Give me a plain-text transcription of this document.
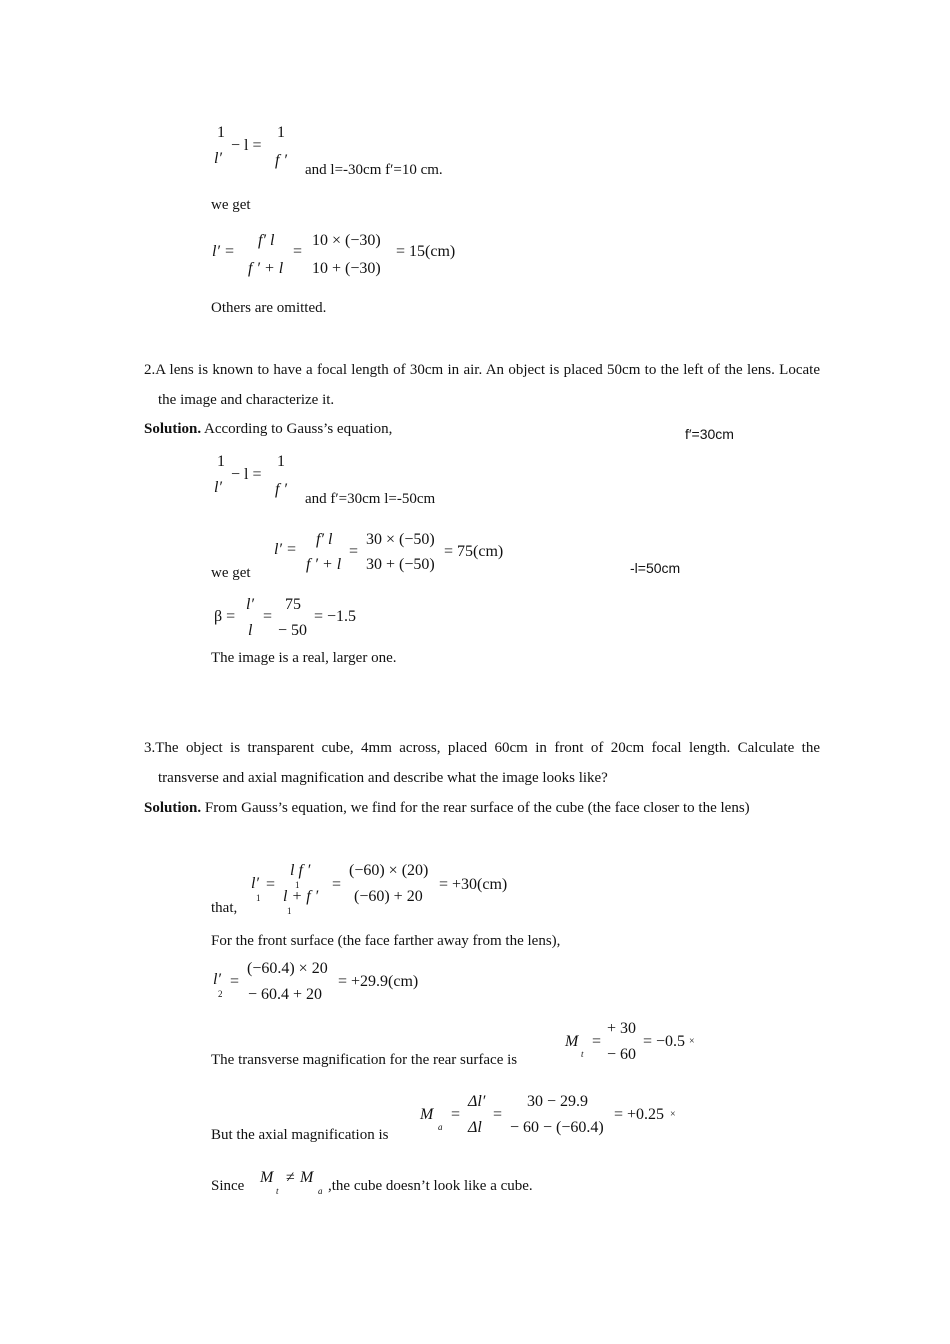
1
− l =
1
l′	f ′
and l=-30cm f′=10 cm.
we get
l′ =
f′ l
f ′ + l
=
10 × (−30)
10 + (−30)
= 15(cm)
Others are omitted.
2.A lens is known to have a focal length of 30cm in air. An object is placed 50cm to the left of the lens. Locate the image and characterize it.
Solution. According to Gauss’s equation,	f′=30cm
1
− l =
1
l′	f ′
and f′=30cm l=-50cm
l′ =
f′ l
f ′ + l
=
30 × (−50)
30 + (−50)
= 75(cm)
we get	-l=50cm
β =
l′
l
=
75
− 50
= −1.5
The image is a real, larger one.
3.The object is transparent cube, 4mm across, placed 60cm in front of 20cm focal length. Calculate the transverse and axial magnification and describe what the image looks like?
Solution. From Gauss’s equation, we find for the rear surface of the cube (the face closer to the lens)
l′
1
=
l f ′
1
l + f ′
1
=
(−60) × (20)
(−60) + 20
= +30(cm)
that,
For the front surface (the face farther away from the lens),
l′
2
=
(−60.4) × 20
− 60.4 + 20
= +29.9(cm)
The transverse magnification for the rear surface is
M
t
=
+ 30
− 60
= −0.5 ×
But the axial magnification is
M
a
=
Δl′
Δl
=
30 − 29.9
− 60 − (−60.4)
= +0.25 ×
Since M
t
≠ M
a ,the cube doesn’t look like a cube.
